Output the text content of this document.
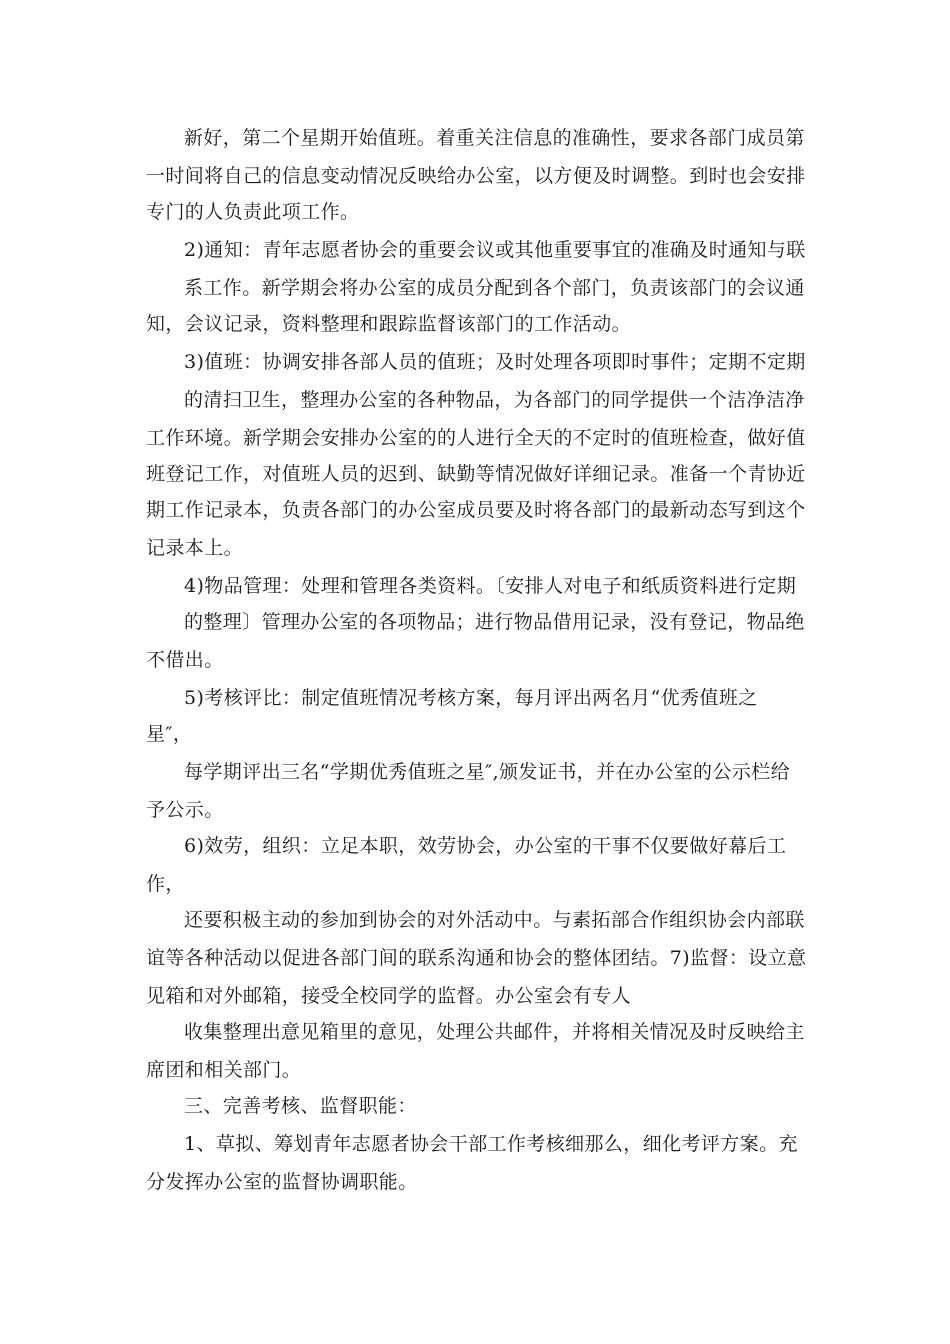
新好，第二个星期开始值班。着重关注信息的准确性，要求各部门成员第
一时间将自己的信息变动情况反映给办公室，以方便及时调整。到时也会安排
专门的人负责此项工作。
2)通知：青年志愿者协会的重要会议或其他重要事宜的准确及时通知与联
系工作。新学期会将办公室的成员分配到各个部门，负责该部门的会议通
知，会议记录，资料整理和跟踪监督该部门的工作活动。
3)值班：协调安排各部人员的值班；及时处理各项即时事件；定期不定期
的清扫卫生，整理办公室的各种物品，为各部门的同学提供一个洁净洁净
工作环境。新学期会安排办公室的的人进行全天的不定时的值班检查，做好值
班登记工作，对值班人员的迟到、缺勤等情况做好详细记录。准备一个青协近
期工作记录本，负责各部门的办公室成员要及时将各部门的最新动态写到这个
记录本上。
4)物品管理：处理和管理各类资料。〔安排人对电子和纸质资料进行定期
的整理〕管理办公室的各项物品；进行物品借用记录，没有登记，物品绝
不借出。
5)考核评比：制定值班情况考核方案，每月评出两名月“优秀值班之
星″，
每学期评出三名“学期优秀值班之星″,颁发证书，并在办公室的公示栏给
予公示。
6)效劳，组织：立足本职，效劳协会，办公室的干事不仅要做好幕后工
作，
还要积极主动的参加到协会的对外活动中。与素拓部合作组织协会内部联
谊等各种活动以促进各部门间的联系沟通和协会的整体团结。7)监督：设立意
见箱和对外邮箱，接受全校同学的监督。办公室会有专人
收集整理出意见箱里的意见，处理公共邮件，并将相关情况及时反映给主
席团和相关部门。
三、完善考核、监督职能：
1、草拟、筹划青年志愿者协会干部工作考核细那么，细化考评方案。充
分发挥办公室的监督协调职能。
